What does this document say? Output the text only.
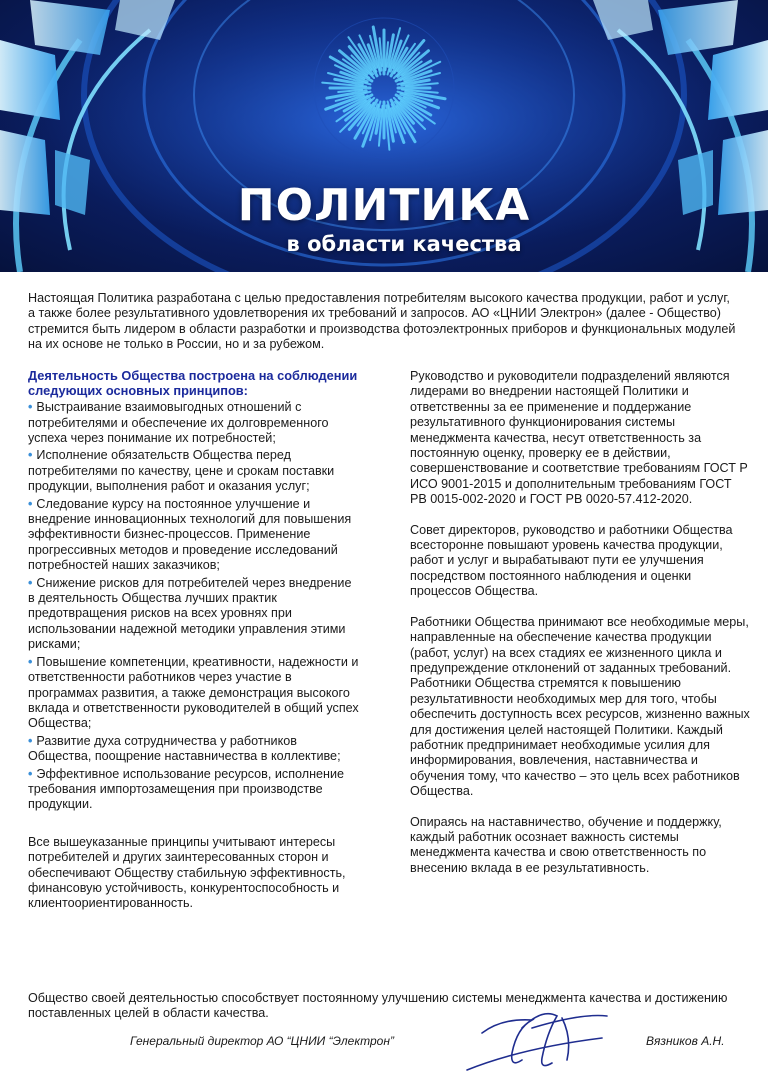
ПОЛИТИКА
в области качества

Настоящая Политика разработана с целью предоставления потребителям высокого качества продукции, работ и услуг, а также более результативного удовлетворения их требований и запросов. АО «ЦНИИ Электрон» (далее - Общество) стремится быть лидером в области разработки и производства фотоэлектронных приборов и функциональных модулей на их основе не только в России, но и за рубежом.

Деятельность Общества построена на соблюдении следующих основных принципов:

• Выстраивание взаимовыгодных отношений с потребителями и обеспечение их долговременного успеха через понимание их потребностей;
• Исполнение обязательств Общества перед потребителями по качеству, цене и срокам поставки продукции, выполнения работ и оказания услуг;
• Следование курсу на постоянное улучшение и внедрение инновационных технологий для повышения эффективности бизнес-процессов. Применение прогрессивных методов и проведение исследований потребностей наших заказчиков;
• Снижение рисков для потребителей через внедрение в деятельность Общества лучших практик предотвращения рисков на всех уровнях при использовании надежной методики управления этими рисками;
• Повышение компетенции, креативности, надежности и ответственности работников через участие в программах развития, а также демонстрация высокого вклада и ответственности руководителей в общий успех Общества;
• Развитие духа сотрудничества у работников Общества, поощрение наставничества в коллективе;
• Эффективное использование ресурсов, исполнение требования импортозамещения при производстве продукции.

Все вышеуказанные принципы учитывают интересы потребителей и других заинтересованных сторон и обеспечивают Обществу стабильную эффективность, финансовую устойчивость, конкурентоспособность и клиентоориентированность.

Руководство и руководители подразделений являются лидерами во внедрении настоящей Политики и ответственны за ее применение и поддержание результативного функционирования системы менеджмента качества, несут ответственность за постоянную оценку, проверку ее в действии, совершенствование и соответствие требованиям ГОСТ Р ИСО 9001-2015 и дополнительным требованиям ГОСТ РВ 0015-002-2020 и ГОСТ РВ 0020-57.412-2020.

Совет директоров, руководство и работники Общества всесторонне повышают уровень качества продукции, работ и услуг и вырабатывают пути ее улучшения посредством постоянного наблюдения и оценки процессов Общества.

Работники Общества принимают все необходимые меры, направленные на обеспечение качества продукции (работ, услуг) на всех стадиях ее жизненного цикла и предупреждение отклонений от заданных требований. Работники Общества стремятся к повышению результативности необходимых мер для того, чтобы обеспечить доступность всех ресурсов, жизненно важных для достижения целей настоящей Политики. Каждый работник предпринимает необходимые усилия для информирования, вовлечения, наставничества и обучения тому, что качество – это цель всех работников Общества.

Опираясь на наставничество, обучение и поддержку, каждый работник осознает важность системы менеджмента качества и свою ответственность по внесению вклада в ее результативность.

Общество своей деятельностью способствует постоянному улучшению системы менеджмента качества и достижению поставленных целей в области качества.

Генеральный директор АО “ЦНИИ “Электрон”	Вязников А.Н.
